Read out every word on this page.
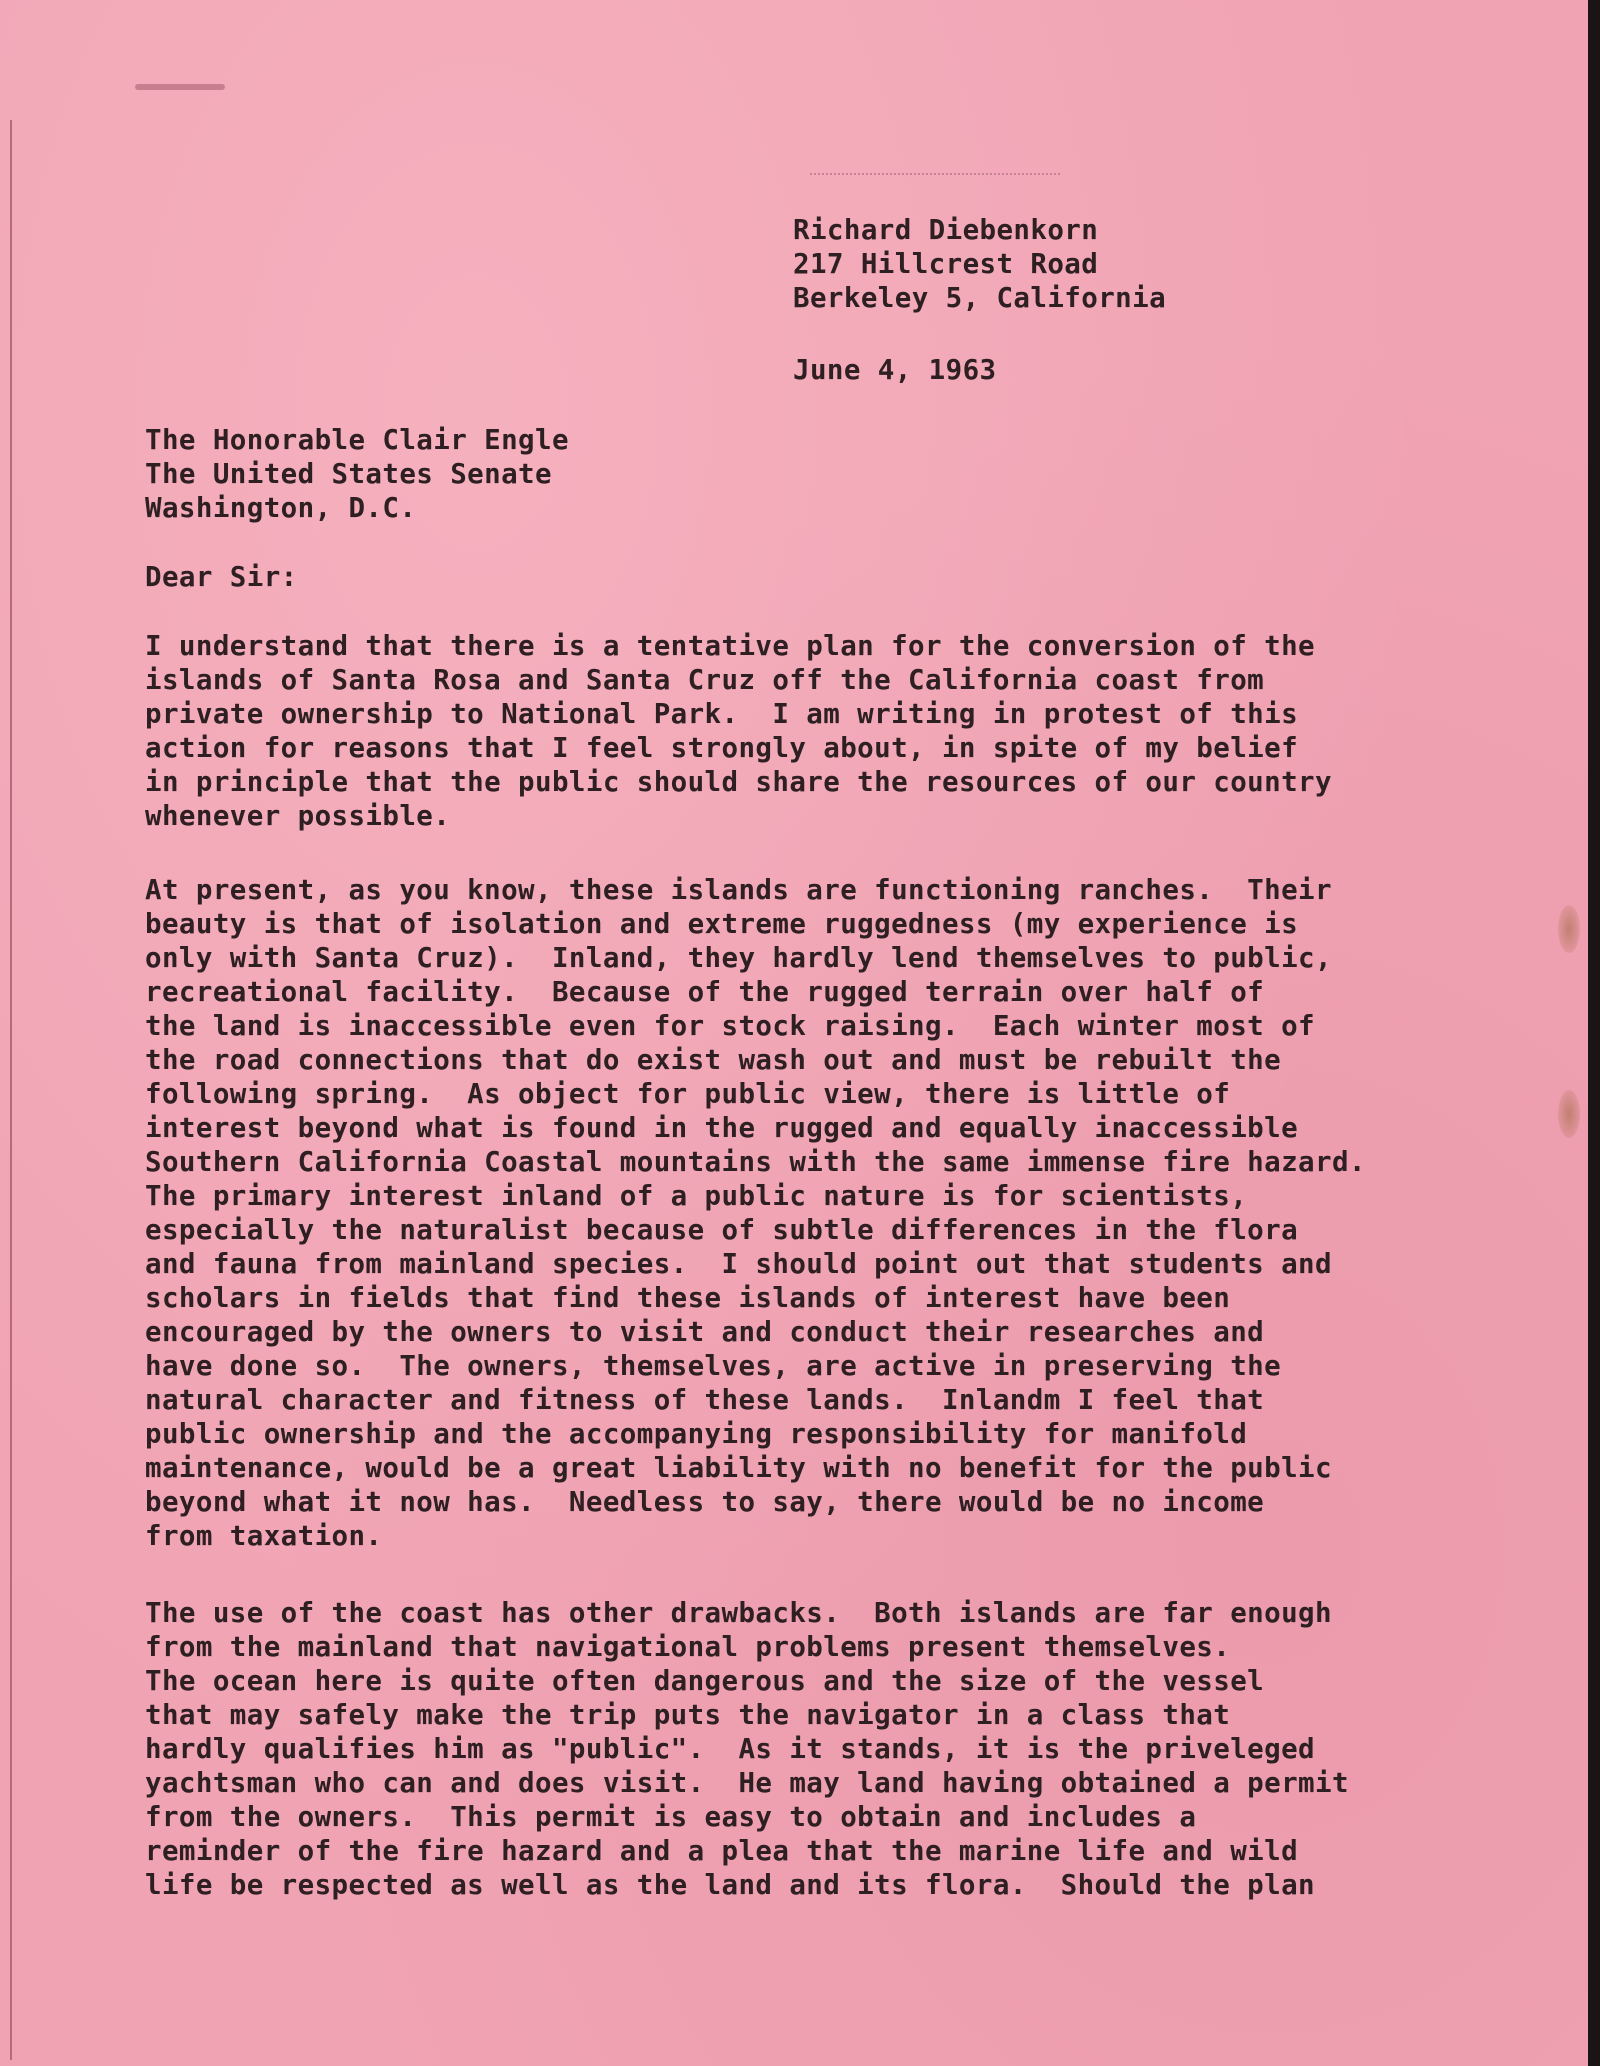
Richard Diebenkorn
217 Hillcrest Road
Berkeley 5, California
June 4, 1963
The Honorable Clair Engle
The United States Senate
Washington, D.C.
Dear Sir:
I understand that there is a tentative plan for the conversion of the
islands of Santa Rosa and Santa Cruz off the California coast from
private ownership to National Park.  I am writing in protest of this
action for reasons that I feel strongly about, in spite of my belief
in principle that the public should share the resources of our country
whenever possible.
At present, as you know, these islands are functioning ranches.  Their
beauty is that of isolation and extreme ruggedness (my experience is
only with Santa Cruz).  Inland, they hardly lend themselves to public,
recreational facility.  Because of the rugged terrain over half of
the land is inaccessible even for stock raising.  Each winter most of
the road connections that do exist wash out and must be rebuilt the
following spring.  As object for public view, there is little of
interest beyond what is found in the rugged and equally inaccessible
Southern California Coastal mountains with the same immense fire hazard.
The primary interest inland of a public nature is for scientists,
especially the naturalist because of subtle differences in the flora
and fauna from mainland species.  I should point out that students and
scholars in fields that find these islands of interest have been
encouraged by the owners to visit and conduct their researches and
have done so.  The owners, themselves, are active in preserving the
natural character and fitness of these lands.  Inlandm I feel that
public ownership and the accompanying responsibility for manifold
maintenance, would be a great liability with no benefit for the public
beyond what it now has.  Needless to say, there would be no income
from taxation.
The use of the coast has other drawbacks.  Both islands are far enough
from the mainland that navigational problems present themselves.
The ocean here is quite often dangerous and the size of the vessel
that may safely make the trip puts the navigator in a class that
hardly qualifies him as "public".  As it stands, it is the priveleged
yachtsman who can and does visit.  He may land having obtained a permit
from the owners.  This permit is easy to obtain and includes a
reminder of the fire hazard and a plea that the marine life and wild
life be respected as well as the land and its flora.  Should the plan
